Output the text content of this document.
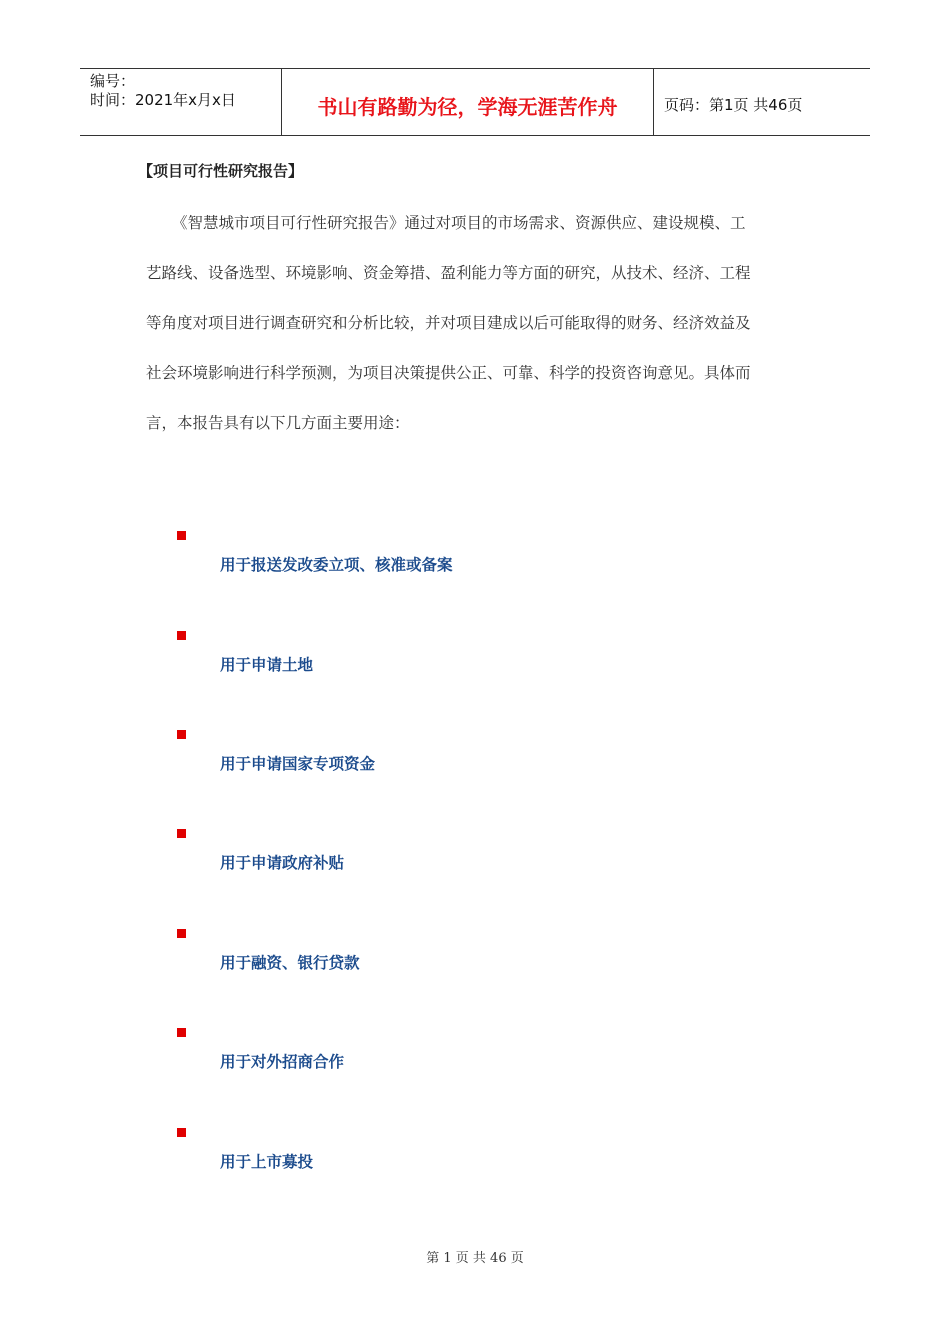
编号：
时间：2021年x月x日	书山有路勤为径，学海无涯苦作舟	页码：第1页 共46页
【项目可行性研究报告】
《智慧城市项目可行性研究报告》通过对项目的市场需求、资源供应、建设规模、工
艺路线、设备选型、环境影响、资金筹措、盈利能力等方面的研究，从技术、经济、工程
等角度对项目进行调查研究和分析比较，并对项目建成以后可能取得的财务、经济效益及
社会环境影响进行科学预测，为项目决策提供公正、可靠、科学的投资咨询意见。具体而
言，本报告具有以下几方面主要用途：
用于报送发改委立项、核准或备案
用于申请土地
用于申请国家专项资金
用于申请政府补贴
用于融资、银行贷款
用于对外招商合作
用于上市募投
第 1 页 共 46 页
